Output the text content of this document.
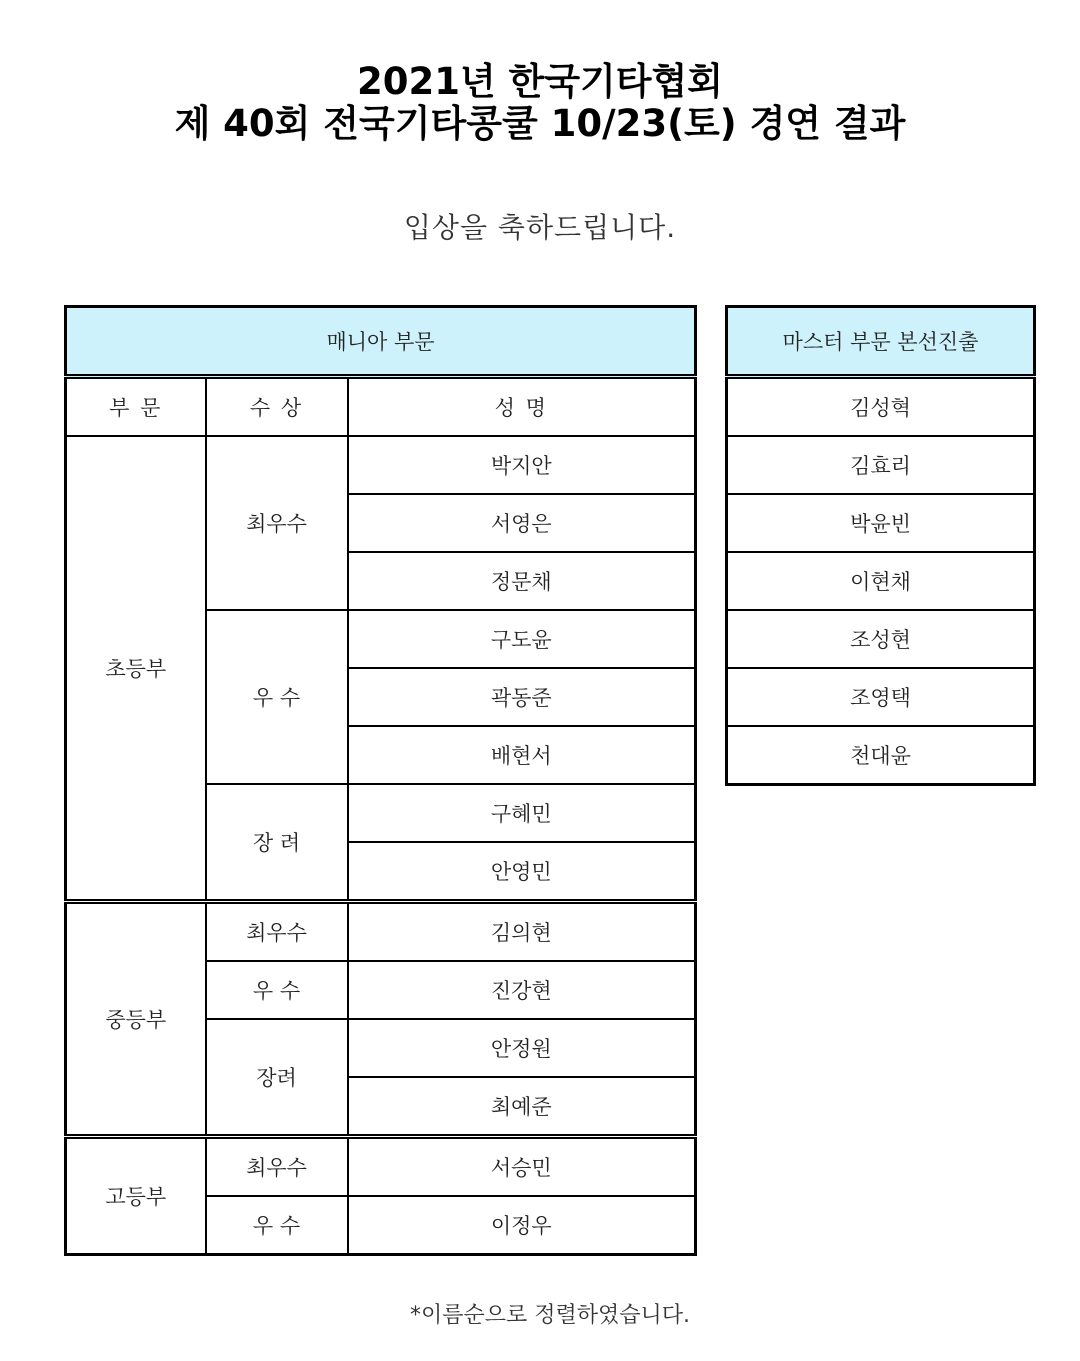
2021년 한국기타협회
제 40회 전국기타콩쿨 10/23(토) 경연 결과
입상을 축하드립니다.
매니아 부문		
부 문	수 상	성 명
초등부	최우수	박지안
		서영은
		정문채
	우 수	구도윤
		곽동준
		배현서
	장 려	구혜민
		안영민
중등부	최우수	김의현
	우 수	진강현
	장려	안정원
		최예준
고등부	최우수	서승민
	우 수	이정우
마스터 부문 본선진출
김성혁
김효리
박윤빈
이현채
조성현
조영택
천대윤
*이름순으로 정렬하였습니다.
